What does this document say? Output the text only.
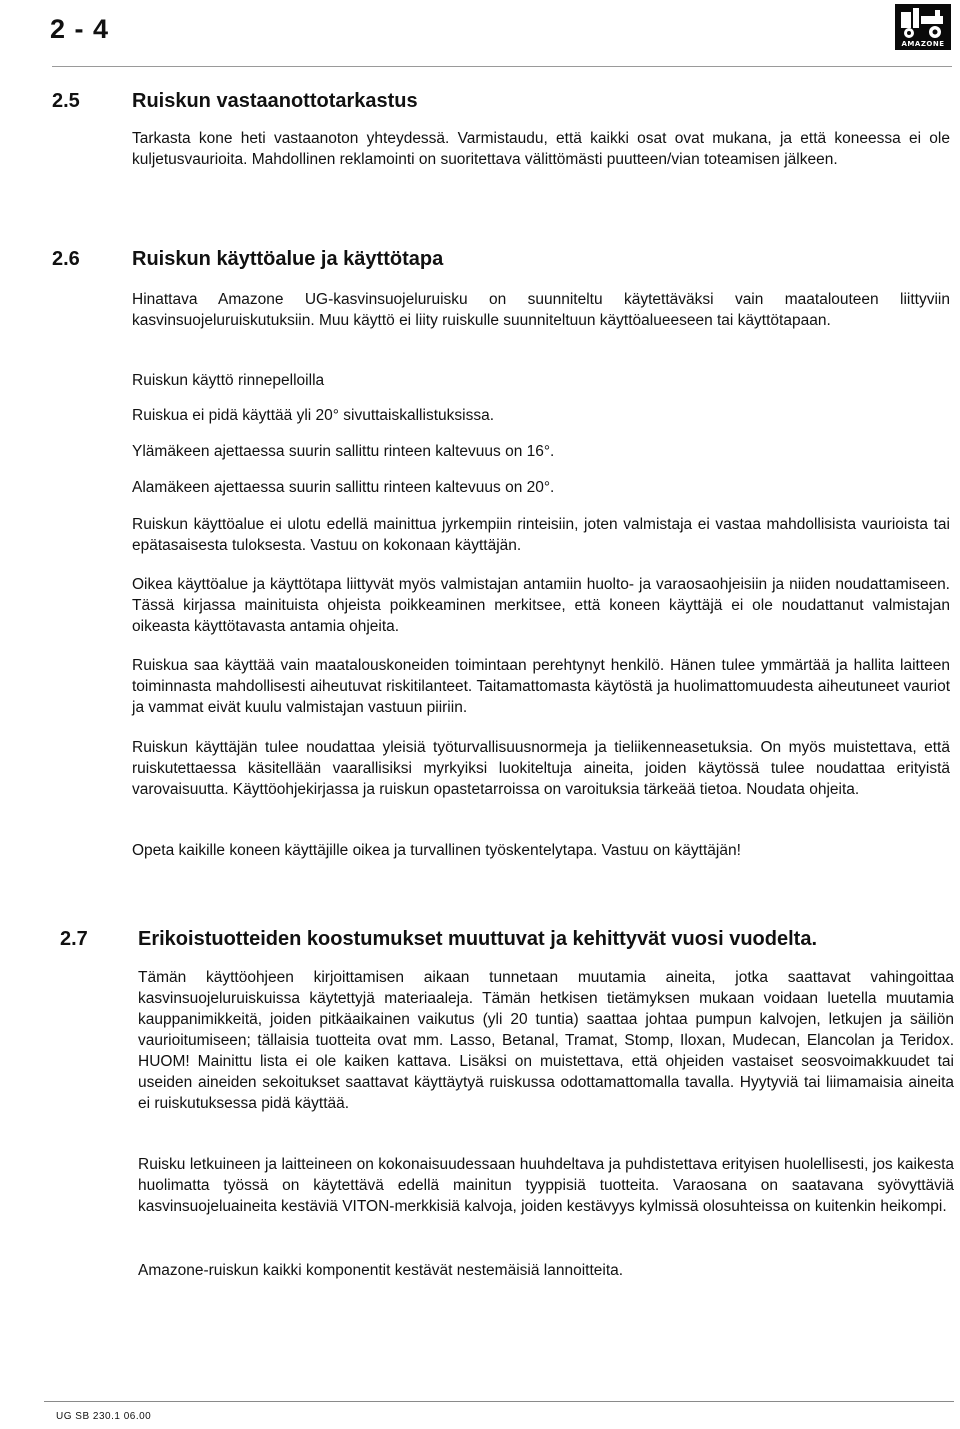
2 - 4	AMAZONE
2.5	Ruiskun vastaanottotarkastus

Tarkasta kone heti vastaanoton yhteydessä. Varmistaudu, että kaikki osat ovat mukana, ja että koneessa ei ole kuljetusvaurioita. Mahdollinen reklamointi on suoritettava välittömästi puutteen/vian toteamisen jälkeen.

2.6	Ruiskun käyttöalue ja käyttötapa

Hinattava Amazone UG-kasvinsuojeluruisku on suunniteltu käytettäväksi vain maatalouteen liittyviin kasvinsuojeluruiskutuksiin. Muu käyttö ei liity ruiskulle suunniteltuun käyttöalueeseen tai käyttötapaan.

Ruiskun käyttö rinnepelloilla

Ruiskua ei pidä käyttää yli 20° sivuttaiskallistuksissa.

Ylämäkeen ajettaessa suurin sallittu rinteen kaltevuus on 16°.

Alamäkeen ajettaessa suurin sallittu rinteen kaltevuus on 20°.

Ruiskun käyttöalue ei ulotu edellä mainittua jyrkempiin rinteisiin, joten valmistaja ei vastaa mahdollisista vaurioista tai epätasaisesta tuloksesta. Vastuu on kokonaan käyttäjän.

Oikea käyttöalue ja käyttötapa liittyvät myös valmistajan antamiin huolto- ja varaosaohjeisiin ja niiden noudattamiseen. Tässä kirjassa mainituista ohjeista poikkeaminen merkitsee, että koneen käyttäjä ei ole noudattanut valmistajan oikeasta käyttötavasta antamia ohjeita.

Ruiskua saa käyttää vain maatalouskoneiden toimintaan perehtynyt henkilö. Hänen tulee ymmärtää ja hallita laitteen toiminnasta mahdollisesti aiheutuvat riskitilanteet. Taitamattomasta käytöstä ja huolimattomuudesta aiheutuneet vauriot ja vammat eivät kuulu valmistajan vastuun piiriin.

Ruiskun käyttäjän tulee noudattaa yleisiä työturvallisuusnormeja ja tieliikenneasetuksia. On myös muistettava, että ruiskutettaessa käsitellään vaarallisiksi myrkyiksi luokiteltuja aineita, joiden käytössä tulee noudattaa erityistä varovaisuutta. Käyttöohjekirjassa ja ruiskun opastetarroissa on varoituksia tärkeää tietoa. Noudata ohjeita.

Opeta kaikille koneen käyttäjille oikea ja turvallinen työskentelytapa. Vastuu on käyttäjän!

2.7	Erikoistuotteiden koostumukset muuttuvat ja kehittyvät vuosi vuodelta.

Tämän käyttöohjeen kirjoittamisen aikaan tunnetaan muutamia aineita, jotka saattavat vahingoittaa kasvinsuojeluruiskuissa käytettyjä materiaaleja. Tämän hetkisen tietämyksen mukaan voidaan luetella muutamia kauppanimikkeitä, joiden pitkäaikainen vaikutus (yli 20 tuntia) saattaa johtaa pumpun kalvojen, letkujen ja säiliön vaurioitumiseen; tällaisia tuotteita ovat mm. Lasso, Betanal, Tramat, Stomp, Iloxan, Mudecan, Elancolan ja Teridox. HUOM! Mainittu lista ei ole kaiken kattava. Lisäksi on muistettava, että ohjeiden vastaiset seosvoimakkuudet tai useiden aineiden sekoitukset saattavat käyttäytyä ruiskussa odottamattomalla tavalla. Hyytyviä tai liimamaisia aineita ei ruiskutuksessa pidä käyttää.

Ruisku letkuineen ja laitteineen on kokonaisuudessaan huuhdeltava ja puhdistettava erityisen huolellisesti, jos kaikesta huolimatta työssä on käytettävä edellä mainitun tyyppisiä tuotteita. Varaosana on saatavana syövyttäviä kasvinsuojeluaineita kestäviä VITON-merkkisiä kalvoja, joiden kestävyys kylmissä olosuhteissa on kuitenkin heikompi.

Amazone-ruiskun kaikki komponentit kestävät nestemäisiä lannoitteita.

UG SB 230.1 06.00
